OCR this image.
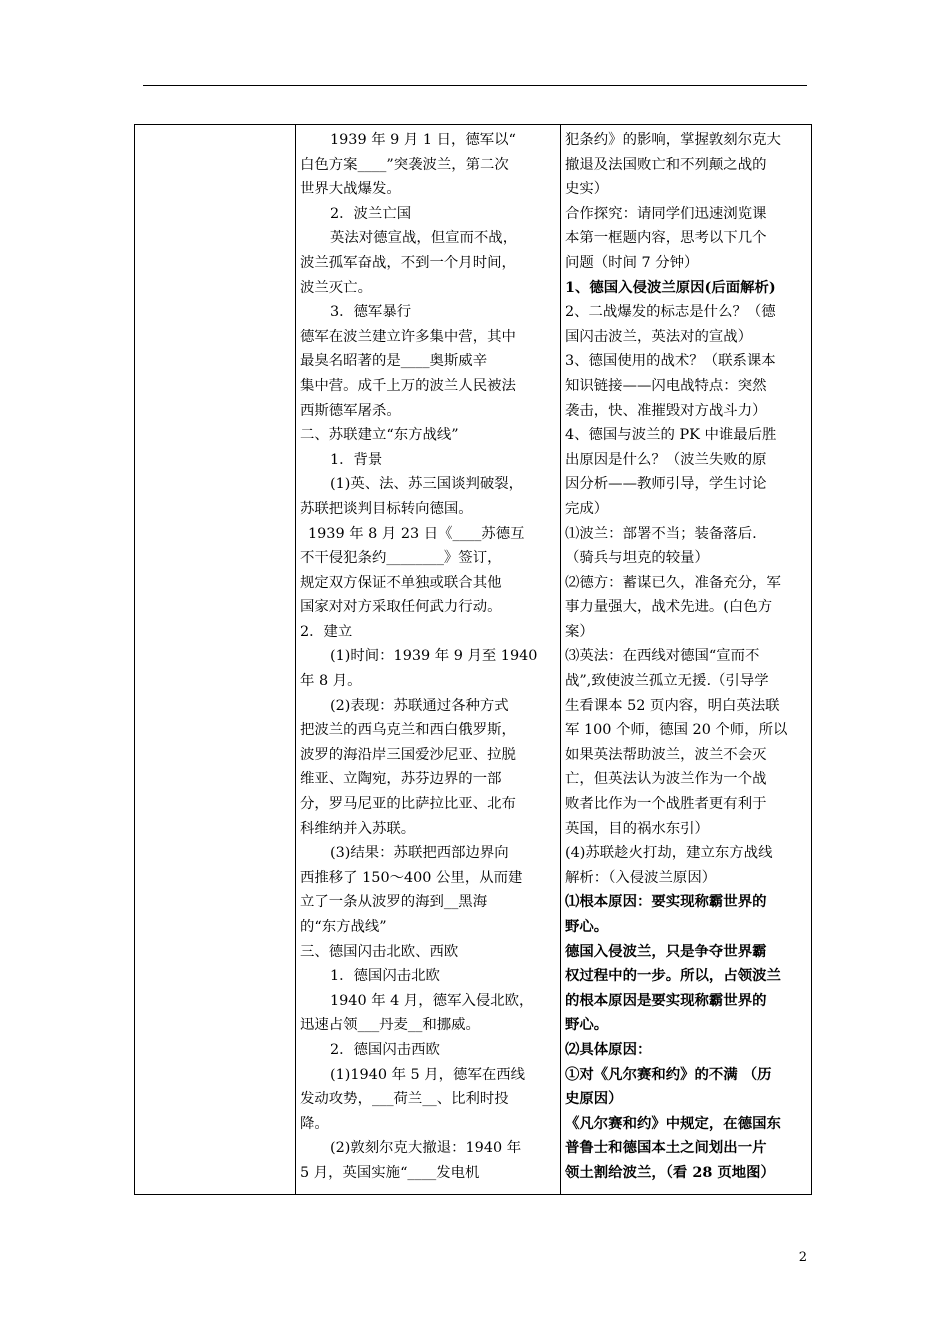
1939 年 9 月 1 日，德军以“

白色方案____”突袭波兰，第二次

世界大战爆发。

2．波兰亡国

英法对德宣战，但宣而不战，

波兰孤军奋战，不到一个月时间，

波兰灭亡。

3．德军暴行

德军在波兰建立许多集中营，其中

最臭名昭著的是____奥斯威辛

集中营。成千上万的波兰人民被法

西斯德军屠杀。

二、苏联建立“东方战线”

1．背景

(1)英、法、苏三国谈判破裂，

苏联把谈判目标转向德国。

1939 年 8 月 23 日《____苏德互

不干侵犯条约________》签订，

规定双方保证不单独或联合其他

国家对对方采取任何武力行动。

2．建立

(1)时间：1939 年 9 月至 1940

年 8 月。

(2)表现：苏联通过各种方式

把波兰的西乌克兰和西白俄罗斯，

波罗的海沿岸三国爱沙尼亚、拉脱

维亚、立陶宛，苏芬边界的一部

分，罗马尼亚的比萨拉比亚、北布

科维纳并入苏联。

(3)结果：苏联把西部边界向

西推移了 150～400 公里，从而建

立了一条从波罗的海到__黑海

的“东方战线”

三、德国闪击北欧、西欧

1．德国闪击北欧

1940 年 4 月，德军入侵北欧，

迅速占领___丹麦__和挪威。

2．德国闪击西欧

(1)1940 年 5 月，德军在西线

发动攻势，___荷兰__、比利时投

降。

(2)敦刻尔克大撤退：1940 年

5 月，英国实施“____发电机

犯条约》的影响，掌握敦刻尔克大

撤退及法国败亡和不列颠之战的

史实）

合作探究：请同学们迅速浏览课

本第一框题内容，思考以下几个

问题（时间 7 分钟）

1、德国入侵波兰原因(后面解析)

2、二战爆发的标志是什么？（德

国闪击波兰，英法对的宣战）

3、德国使用的战术？（联系课本

知识链接——闪电战特点：突然

袭击，快、准摧毁对方战斗力）

4、德国与波兰的 PK 中谁最后胜

出原因是什么？（波兰失败的原

因分析——教师引导，学生讨论

完成）

⑴波兰：部署不当；装备落后.

（骑兵与坦克的较量）

⑵德方：蓄谋已久，准备充分，军

事力量强大，战术先进。(白色方

案）

⑶英法：在西线对德国“宣而不

战”,致使波兰孤立无援.（引导学

生看课本 52 页内容，明白英法联

军 100 个师，德国 20 个师，所以

如果英法帮助波兰，波兰不会灭

亡，但英法认为波兰作为一个战

败者比作为一个战胜者更有利于

英国，目的祸水东引）

(4)苏联趁火打劫，建立东方战线

解析：（入侵波兰原因）

⑴根本原因：要实现称霸世界的

野心。

德国入侵波兰，只是争夺世界霸

权过程中的一步。所以，占领波兰

的根本原因是要实现称霸世界的

野心。

⑵具体原因：

①对《凡尔赛和约》的不满 （历

史原因）

《凡尔赛和约》中规定，在德国东

普鲁士和德国本土之间划出一片

领土割给波兰，（看 28 页地图）

2
